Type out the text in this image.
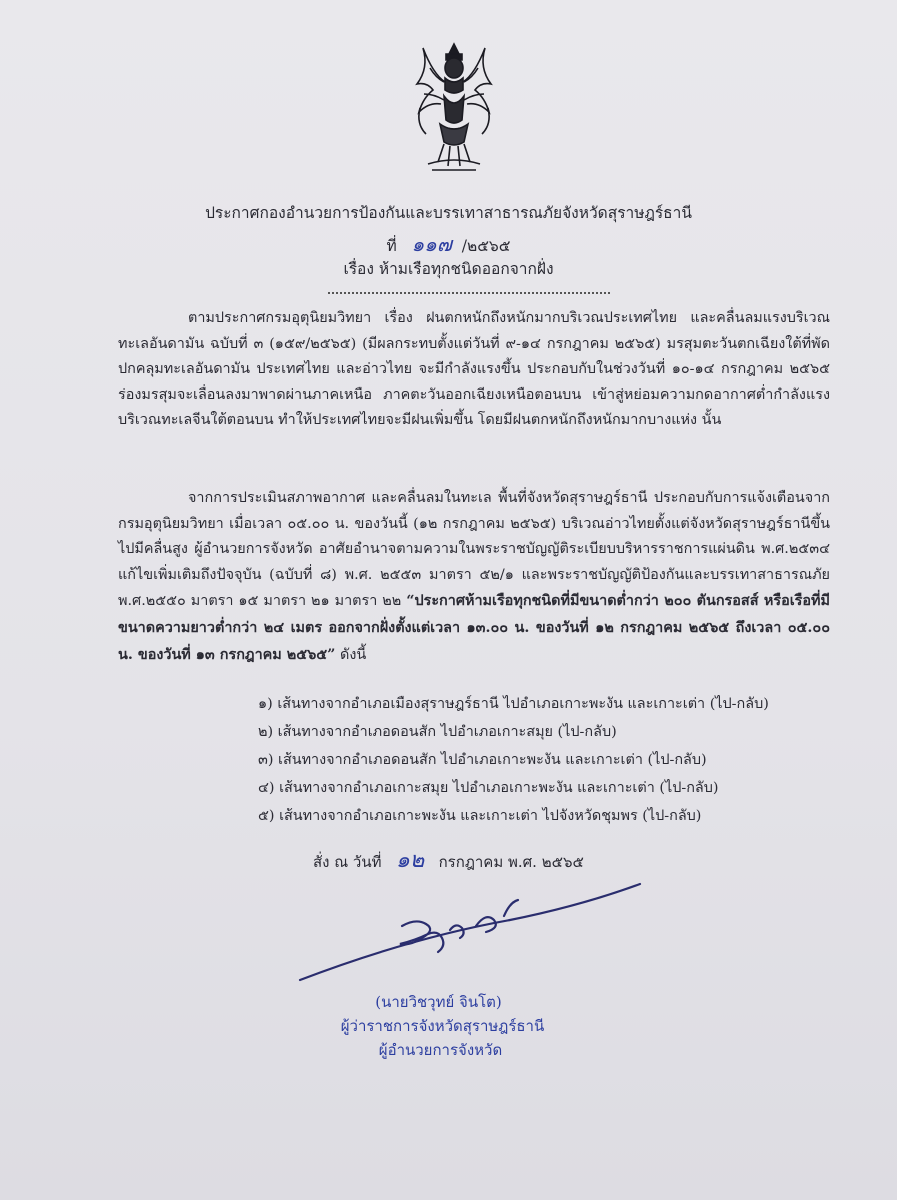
ประกาศกองอำนวยการป้องกันและบรรเทาสาธารณภัยจังหวัดสุราษฎร์ธานี
ที่ ๑๑๗ /๒๕๖๕
เรื่อง ห้ามเรือทุกชนิดออกจากฝั่ง
ตามประกาศกรมอุตุนิยมวิทยา เรื่อง ฝนตกหนักถึงหนักมากบริเวณประเทศไทย และคลื่นลมแรงบริเวณทะเลอันดามัน ฉบับที่ ๓ (๑๕๙/๒๕๖๕) (มีผลกระทบตั้งแต่วันที่ ๙-๑๔ กรกฎาคม ๒๕๖๕) มรสุมตะวันตกเฉียงใต้ที่พัดปกคลุมทะเลอันดามัน ประเทศไทย และอ่าวไทย จะมีกำลังแรงขึ้น ประกอบกับในช่วงวันที่ ๑๐-๑๔ กรกฎาคม ๒๕๖๕ ร่องมรสุมจะเลื่อนลงมาพาดผ่านภาคเหนือ ภาคตะวันออกเฉียงเหนือตอนบน เข้าสู่หย่อมความกดอากาศต่ำกำลังแรงบริเวณทะเลจีนใต้ตอนบน ทำให้ประเทศไทยจะมีฝนเพิ่มขึ้น โดยมีฝนตกหนักถึงหนักมากบางแห่ง นั้น
จากการประเมินสภาพอากาศ และคลื่นลมในทะเล พื้นที่จังหวัดสุราษฎร์ธานี ประกอบกับการแจ้งเตือนจากกรมอุตุนิยมวิทยา เมื่อเวลา ๐๕.๐๐ น. ของวันนี้ (๑๒ กรกฎาคม ๒๕๖๕) บริเวณอ่าวไทยตั้งแต่จังหวัดสุราษฎร์ธานีขึ้นไปมีคลื่นสูง ผู้อำนวยการจังหวัด อาศัยอำนาจตามความในพระราชบัญญัติระเบียบบริหารราชการแผ่นดิน พ.ศ.๒๕๓๔ แก้ไขเพิ่มเติมถึงปัจจุบัน (ฉบับที่ ๘) พ.ศ. ๒๕๕๓ มาตรา ๕๒/๑ และพระราชบัญญัติป้องกันและบรรเทาสาธารณภัย พ.ศ.๒๕๕๐ มาตรา ๑๕ มาตรา ๒๑ มาตรา ๒๒ “ประกาศห้ามเรือทุกชนิดที่มีขนาดต่ำกว่า ๒๐๐ ตันกรอสส์ หรือเรือที่มีขนาดความยาวต่ำกว่า ๒๔ เมตร ออกจากฝั่งตั้งแต่เวลา ๑๓.๐๐ น. ของวันที่ ๑๒ กรกฎาคม ๒๕๖๕ ถึงเวลา ๐๕.๐๐ น. ของวันที่ ๑๓ กรกฎาคม ๒๕๖๕” ดังนี้
๑) เส้นทางจากอำเภอเมืองสุราษฎร์ธานี ไปอำเภอเกาะพะงัน และเกาะเต่า (ไป-กลับ)
๒) เส้นทางจากอำเภอดอนสัก ไปอำเภอเกาะสมุย (ไป-กลับ)
๓) เส้นทางจากอำเภอดอนสัก ไปอำเภอเกาะพะงัน และเกาะเต่า (ไป-กลับ)
๔) เส้นทางจากอำเภอเกาะสมุย ไปอำเภอเกาะพะงัน และเกาะเต่า (ไป-กลับ)
๕) เส้นทางจากอำเภอเกาะพะงัน และเกาะเต่า ไปจังหวัดชุมพร (ไป-กลับ)
สั่ง ณ วันที่ ๑๒ กรกฎาคม พ.ศ. ๒๕๖๕
(นายวิชวุทย์ จินโต)
ผู้ว่าราชการจังหวัดสุราษฎร์ธานี
ผู้อำนวยการจังหวัด
